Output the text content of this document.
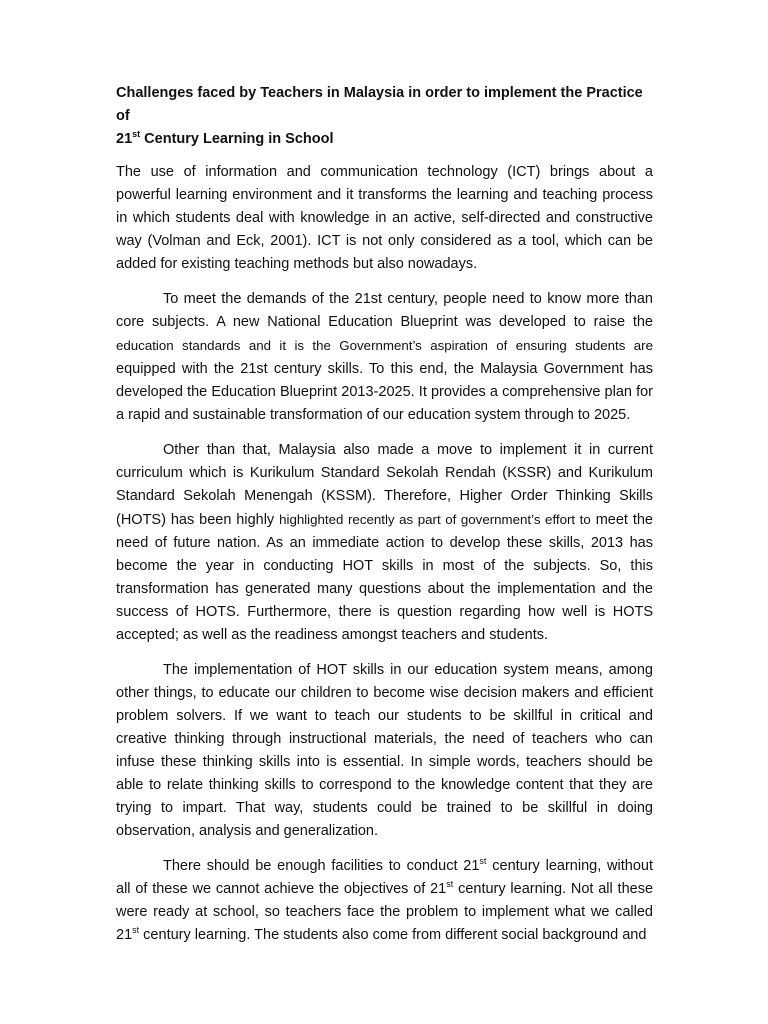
Challenges faced by Teachers in Malaysia in order to implement the Practice of
21st Century Learning in School

The use of information and communication technology (ICT) brings about a powerful learning environment and it transforms the learning and teaching process in which students deal with knowledge in an active, self-directed and constructive way (Volman and Eck, 2001). ICT is not only considered as a tool, which can be added for existing teaching methods but also nowadays.

To meet the demands of the 21st century, people need to know more than core subjects. A new National Education Blueprint was developed to raise the education standards and it is the Government’s aspiration of ensuring students are equipped with the 21st century skills. To this end, the Malaysia Government has developed the Education Blueprint 2013-2025. It provides a comprehensive plan for a rapid and sustainable transformation of our education system through to 2025.

Other than that, Malaysia also made a move to implement it in current curriculum which is Kurikulum Standard Sekolah Rendah (KSSR) and Kurikulum Standard Sekolah Menengah (KSSM). Therefore, Higher Order Thinking Skills (HOTS) has been highly highlighted recently as part of government’s effort to meet the need of future nation. As an immediate action to develop these skills, 2013 has become the year in conducting HOT skills in most of the subjects. So, this transformation has generated many questions about the implementation and the success of HOTS. Furthermore, there is question regarding how well is HOTS accepted; as well as the readiness amongst teachers and students.

The implementation of HOT skills in our education system means, among other things, to educate our children to become wise decision makers and efficient problem solvers. If we want to teach our students to be skillful in critical and creative thinking through instructional materials, the need of teachers who can infuse these thinking skills into is essential. In simple words, teachers should be able to relate thinking skills to correspond to the knowledge content that they are trying to impart. That way, students could be trained to be skillful in doing observation, analysis and generalization.

There should be enough facilities to conduct 21st century learning, without all of these we cannot achieve the objectives of 21st century learning. Not all these were ready at school, so teachers face the problem to implement what we called 21st century learning. The students also come from different social background and
